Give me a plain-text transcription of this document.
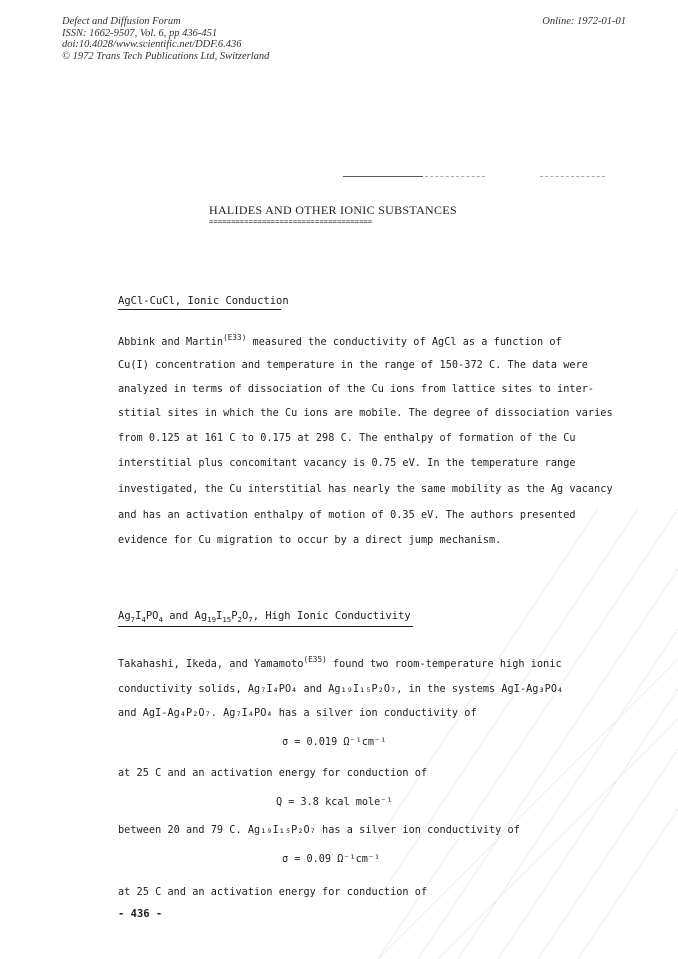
Defect and Diffusion Forum
ISSN: 1662-9507, Vol. 6, pp 436-451
doi:10.4028/www.scientific.net/DDF.6.436
© 1972 Trans Tech Publications Ltd, Switzerland
Online: 1972-01-01
HALIDES AND OTHER IONIC SUBSTANCES
=====================================
AgCl-CuCl, Ionic Conduction
Abbink and Martin$^{(E33)}$ measured the conductivity of AgCl as a function of
Cu(I) concentration and temperature in the range of 150-372 C. The data were
analyzed in terms of dissociation of the Cu ions from lattice sites to inter-
stitial sites in which the Cu ions are mobile. The degree of dissociation varies
from 0.125 at 161 C to 0.175 at 298 C. The enthalpy of formation of the Cu
interstitial plus concomitant vacancy is 0.75 eV. In the temperature range
investigated, the Cu interstitial has nearly the same mobility as the Ag vacancy
and has an activation enthalpy of motion of 0.35 eV. The authors presented
evidence for Cu migration to occur by a direct jump mechanism.
$Ag_7I_4PO_4$ and $Ag_{19}I_{15}P_2O_7$, High Ionic Conductivity
Takahashi, Ikeda, and Yamamoto$^{(E35)}$ found two room-temperature high ionic
conductivity solids, Ag₇I₄PO₄ and Ag₁₉I₁₅P₂O₇, in the systems AgI-Ag₃PO₄
and AgI-Ag₄P₂O₇. Ag₇I₄PO₄ has a silver ion conductivity of
σ = 0.019 Ω⁻¹cm⁻¹
at 25 C and an activation energy for conduction of
Q = 3.8 kcal mole⁻¹
between 20 and 79 C. Ag₁₉I₁₅P₂O₇ has a silver ion conductivity of
σ = 0.09 Ω⁻¹cm⁻¹
at 25 C and an activation energy for conduction of
- 436 -
